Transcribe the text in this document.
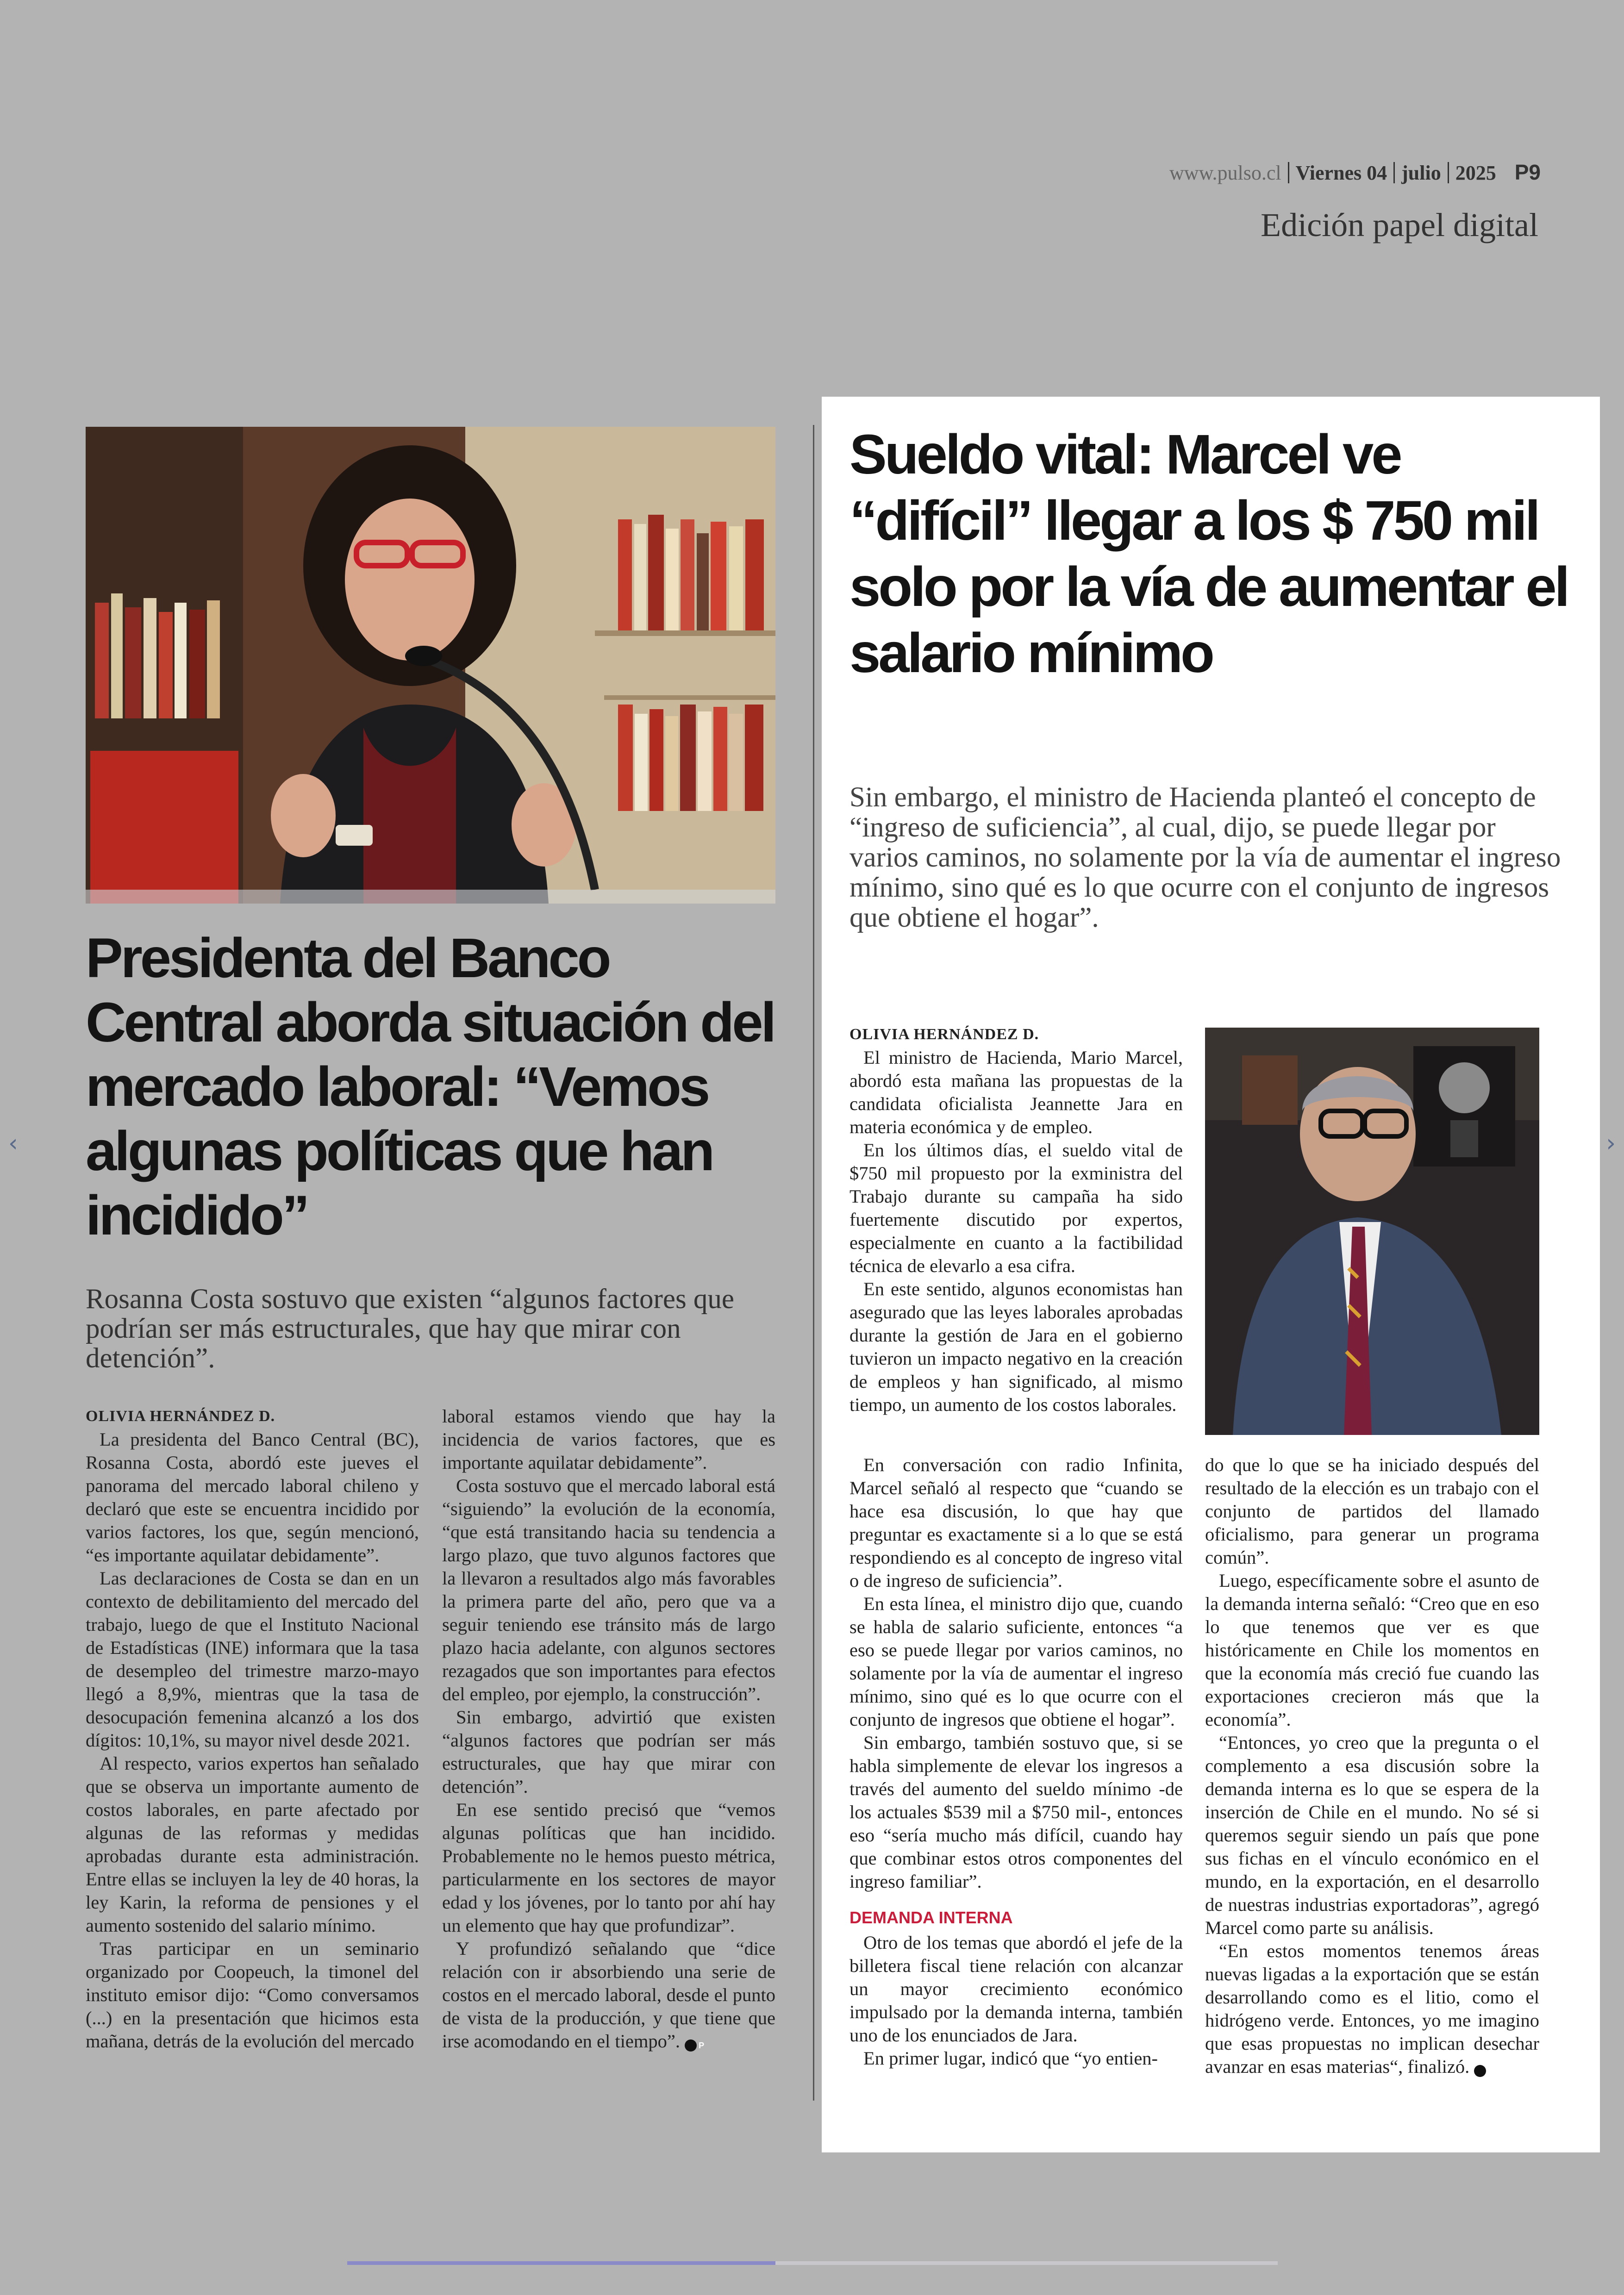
www.pulso.cl Viernes 04 julio 2025 P9
Edición papel digital
‹	›
Presidenta del Banco Central aborda situación del mercado laboral: “Vemos algunas políticas que han incidido”
Rosanna Costa sostuvo que existen “algunos factores que podrían ser más estructurales, que hay que mirar con detención”.
OLIVIA HERNÁNDEZ D.

La presidenta del Banco Central (BC), Rosanna Costa, abordó este jueves el panorama del mercado laboral chileno y declaró que este se encuentra incidido por varios factores, los que, según mencionó, “es importante aquilatar debidamente”.

Las declaraciones de Costa se dan en un contexto de debilitamiento del mercado del trabajo, luego de que el Instituto Nacional de Estadísticas (INE) informara que la tasa de desempleo del trimestre marzo-mayo llegó a 8,9%, mientras que la tasa de desocupación femenina alcanzó a los dos dígitos: 10,1%, su mayor nivel desde 2021.

Al respecto, varios expertos han señalado que se observa un importante aumento de costos laborales, en parte afectado por algunas de las reformas y medidas aprobadas durante esta administración. Entre ellas se incluyen la ley de 40 horas, la ley Karin, la reforma de pensiones y el aumento sostenido del salario mínimo.

Tras participar en un seminario organizado por Coopeuch, la timonel del instituto emisor dijo: “Como conversamos (...) en la presentación que hicimos esta mañana, detrás de la evolución del mercado

laboral estamos viendo que hay la incidencia de varios factores, que es importante aquilatar debidamente”.

Costa sostuvo que el mercado laboral está “siguiendo” la evolución de la economía, “que está transitando hacia su tendencia a largo plazo, que tuvo algunos factores que la llevaron a resultados algo más favorables la primera parte del año, pero que va a seguir teniendo ese tránsito más de largo plazo hacia adelante, con algunos sectores rezagados que son importantes para efectos del empleo, por ejemplo, la construcción”.

Sin embargo, advirtió que existen “algunos factores que podrían ser más estructurales, que hay que mirar con detención”.

En ese sentido precisó que “vemos algunas políticas que han incidido. Probablemente no le hemos puesto métrica, particularmente en los sectores de mayor edad y los jóvenes, por lo tanto por ahí hay un elemento que hay que profundizar”.

Y profundizó señalando que “dice relación con ir absorbiendo una serie de costos en el mercado laboral, desde el punto de vista de la producción, y que tiene que irse acomodando en el tiempo”. P

Sueldo vital: Marcel ve “difícil” llegar a los $ 750 mil solo por la vía de aumentar el salario mínimo
Sin embargo, el ministro de Hacienda planteó el concepto de “ingreso de suficiencia”, al cual, dijo, se puede llegar por varios caminos, no solamente por la vía de aumentar el ingreso mínimo, sino qué es lo que ocurre con el conjunto de ingresos que obtiene el hogar”.
OLIVIA HERNÁNDEZ D.

El ministro de Hacienda, Mario Marcel, abordó esta mañana las propuestas de la candidata oficialista Jeannette Jara en materia económica y de empleo.

En los últimos días, el sueldo vital de $750 mil propuesto por la exministra del Trabajo durante su campaña ha sido fuertemente discutido por expertos, especialmente en cuanto a la factibilidad técnica de elevarlo a esa cifra.

En este sentido, algunos economistas han asegurado que las leyes laborales aprobadas durante la gestión de Jara en el gobierno tuvieron un impacto negativo en la creación de empleos y han significado, al mismo tiempo, un aumento de los costos laborales.

En conversación con radio Infinita, Marcel señaló al respecto que “cuando se hace esa discusión, lo que hay que preguntar es exactamente si a lo que se está respondiendo es al concepto de ingreso vital o de ingreso de suficiencia”.

En esta línea, el ministro dijo que, cuando se habla de salario suficiente, entonces “a eso se puede llegar por varios caminos, no solamente por la vía de aumentar el ingreso mínimo, sino qué es lo que ocurre con el conjunto de ingresos que obtiene el hogar”.

Sin embargo, también sostuvo que, si se habla simplemente de elevar los ingresos a través del aumento del sueldo mínimo -de los actuales $539 mil a $750 mil-, entonces eso “sería mucho más difícil, cuando hay que combinar estos otros componentes del ingreso familiar”.

DEMANDA INTERNA

Otro de los temas que abordó el jefe de la billetera fiscal tiene relación con alcanzar un mayor crecimiento económico impulsado por la demanda interna, también uno de los enunciados de Jara.

En primer lugar, indicó que “yo entien-

do que lo que se ha iniciado después del resultado de la elección es un trabajo con el conjunto de partidos del llamado oficialismo, para generar un programa común”.

Luego, específicamente sobre el asunto de la demanda interna señaló: “Creo que en eso lo que tenemos que ver es que históricamente en Chile los momentos en que la economía más creció fue cuando las exportaciones crecieron más que la economía”.

“Entonces, yo creo que la pregunta o el complemento a esa discusión sobre la demanda interna es lo que se espera de la inserción de Chile en el mundo. No sé si queremos seguir siendo un país que pone sus fichas en el vínculo económico en el mundo, en la exportación, en el desarrollo de nuestras industrias exportadoras”, agregó Marcel como parte su análisis.

“En estos momentos tenemos áreas nuevas ligadas a la exportación que se están desarrollando como es el litio, como el hidrógeno verde. Entonces, yo me imagino que esas propuestas no implican desechar avanzar en esas materias“, finalizó. P
